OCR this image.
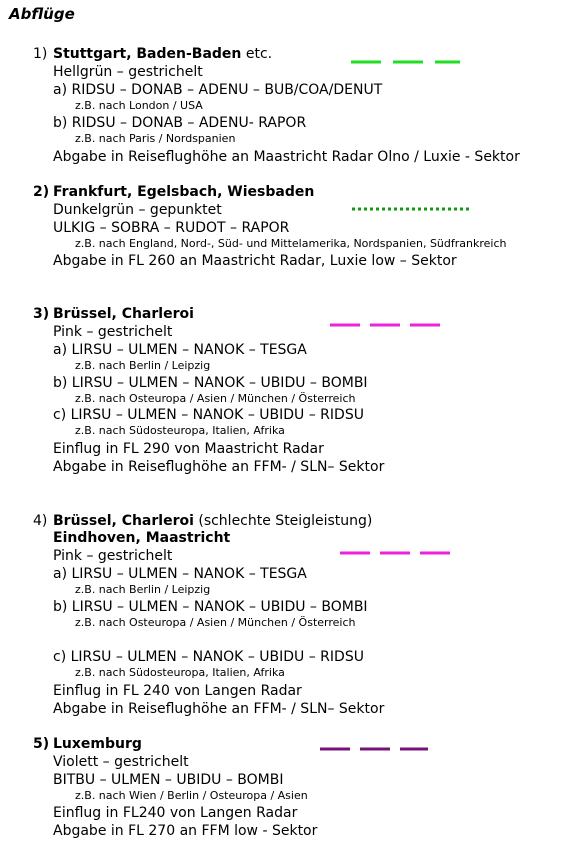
Abflüge
1) Stuttgart, Baden-Baden etc.
Hellgrün – gestrichelt
a) RIDSU – DONAB – ADENU – BUB/COA/DENUT
z.B. nach London / USA
b) RIDSU – DONAB – ADENU- RAPOR
z.B. nach Paris / Nordspanien
Abgabe in Reiseflughöhe an Maastricht Radar Olno / Luxie - Sektor
2) Frankfurt, Egelsbach, Wiesbaden
Dunkelgrün – gepunktet
ULKIG – SOBRA – RUDOT – RAPOR
z.B. nach England, Nord-, Süd- und Mittelamerika, Nordspanien, Südfrankreich
Abgabe in FL 260 an Maastricht Radar, Luxie low – Sektor
3) Brüssel, Charleroi
Pink – gestrichelt
a) LIRSU – ULMEN – NANOK – TESGA
z.B. nach Berlin / Leipzig
b) LIRSU – ULMEN – NANOK – UBIDU – BOMBI
z.B. nach Osteuropa / Asien / München / Österreich
c) LIRSU – ULMEN – NANOK – UBIDU – RIDSU
z.B. nach Südosteuropa, Italien, Afrika
Einflug in FL 290 von Maastricht Radar
Abgabe in Reiseflughöhe an FFM- / SLN– Sektor
4) Brüssel, Charleroi (schlechte Steigleistung)
Eindhoven, Maastricht
Pink – gestrichelt
a) LIRSU – ULMEN – NANOK – TESGA
z.B. nach Berlin / Leipzig
b) LIRSU – ULMEN – NANOK – UBIDU – BOMBI
z.B. nach Osteuropa / Asien / München / Österreich
c) LIRSU – ULMEN – NANOK – UBIDU – RIDSU
z.B. nach Südosteuropa, Italien, Afrika
Einflug in FL 240 von Langen Radar
Abgabe in Reiseflughöhe an FFM- / SLN– Sektor
5) Luxemburg
Violett – gestrichelt
BITBU – ULMEN – UBIDU – BOMBI
z.B. nach Wien / Berlin / Osteuropa / Asien
Einflug in FL240 von Langen Radar
Abgabe in FL 270 an FFM low - Sektor
